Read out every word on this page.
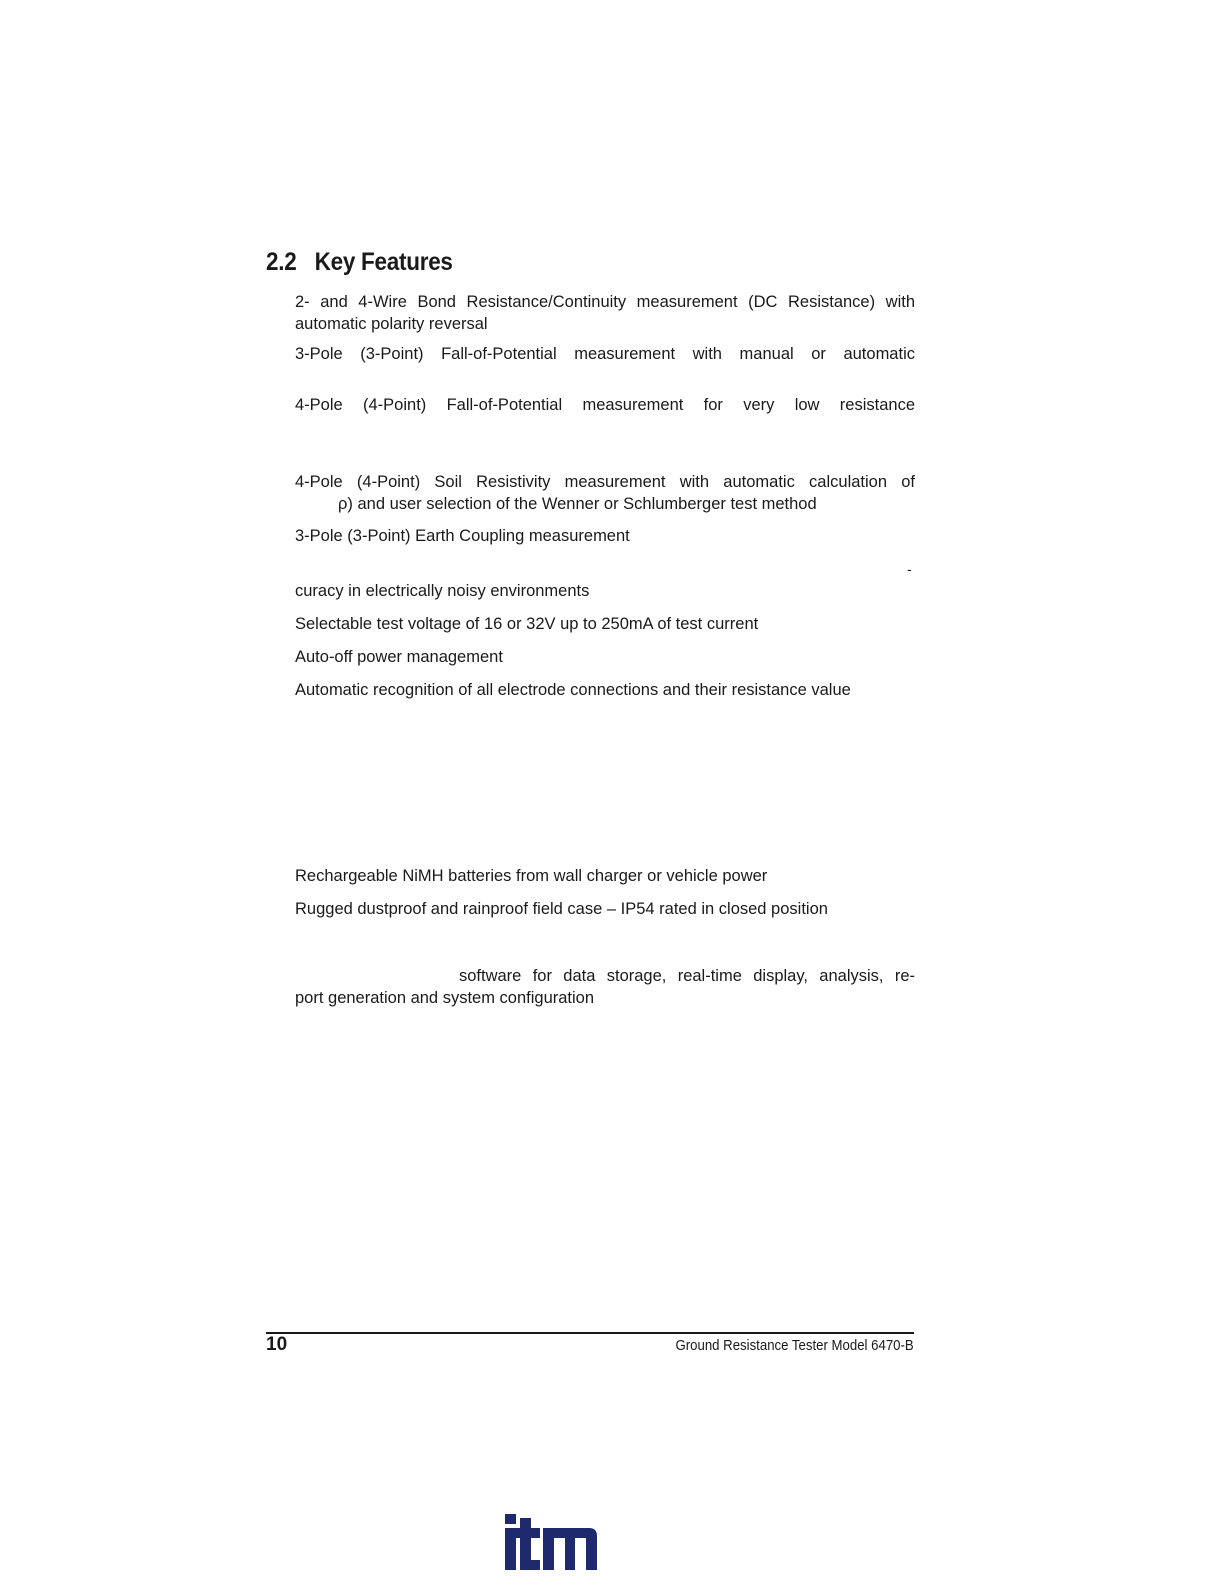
2.2 Key Features

2- and 4-Wire Bond Resistance/Continuity measurement (DC Resistance) with

automatic polarity reversal

3-Pole (3-Point) Fall-of-Potential measurement with manual or automatic

4-Pole (4-Point) Fall-of-Potential measurement for very low resistance

4-Pole (4-Point) Soil Resistivity measurement with automatic calculation of

ρ) and user selection of the Wenner or Schlumberger test method

3-Pole (3-Point) Earth Coupling measurement

-

curacy in electrically noisy environments

Selectable test voltage of 16 or 32V up to 250mA of test current

Auto-off power management

Automatic recognition of all electrode connections and their resistance value

Rechargeable NiMH batteries from wall charger or vehicle power

Rugged dustproof and rainproof field case – IP54 rated in closed position

software for data storage, real-time display, analysis, re-

port generation and system configuration

10	Ground Resistance Tester Model 6470-B
